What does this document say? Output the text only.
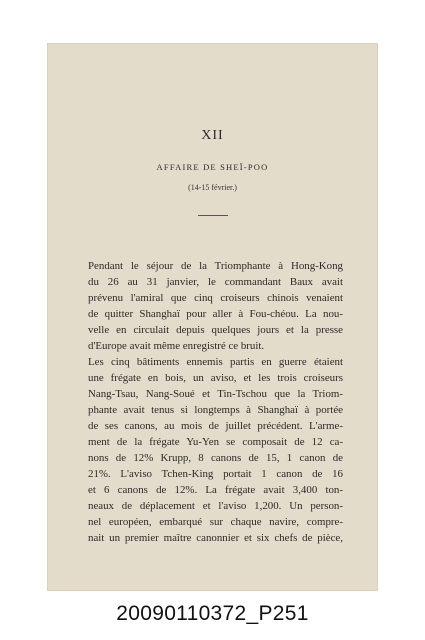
XII
AFFAIRE DE SHEÏ-POO
(14-15 février.)
Pendant le séjour de la Triomphante à Hong-Kong
du 26 au 31 janvier, le commandant Baux avait
prévenu l'amiral que cinq croiseurs chinois venaient
de quitter Shanghaï pour aller à Fou-chéou. La nou-
velle en circulait depuis quelques jours et la presse
d'Europe avait même enregistré ce bruit.
Les cinq bâtiments ennemis partis en guerre étaient
une frégate en bois, un aviso, et les trois croiseurs
Nang-Tsau, Nang-Soué et Tin-Tschou que la Triom-
phante avait tenus si longtemps à Shanghaï à portée
de ses canons, au mois de juillet précédent. L'arme-
ment de la frégate Yu-Yen se composait de 12 ca-
nons de 12% Krupp, 8 canons de 15, 1 canon de
21%. L'aviso Tchen-King portait 1 canon de 16
et 6 canons de 12%. La frégate avait 3,400 ton-
neaux de déplacement et l'aviso 1,200. Un person-
nel européen, embarqué sur chaque navire, compre-
nait un premier maître canonnier et six chefs de pièce,
20090110372_P251
